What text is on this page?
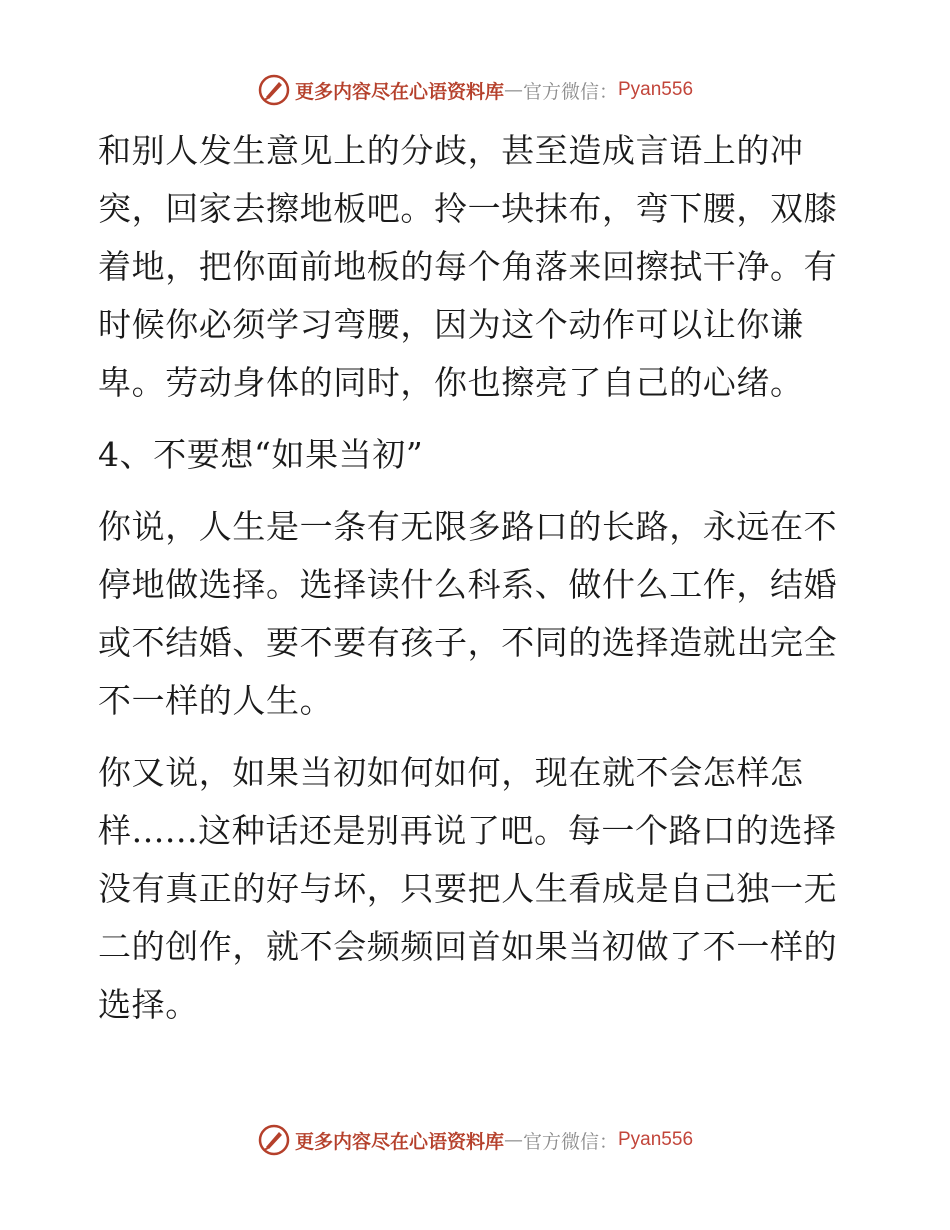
更多内容尽在心语资料库 — 官方微信： Pyan556

和别人发生意见上的分歧，甚至造成言语上的冲突，回家去擦地板吧。拎一块抹布，弯下腰，双膝着地，把你面前地板的每个角落来回擦拭干净。有时候你必须学习弯腰，因为这个动作可以让你谦卑。劳动身体的同时，你也擦亮了自己的心绪。

4、不要想“如果当初”

你说，人生是一条有无限多路口的长路，永远在不停地做选择。选择读什么科系、做什么工作，结婚或不结婚、要不要有孩子，不同的选择造就出完全不一样的人生。

你又说，如果当初如何如何，现在就不会怎样怎样......这种话还是别再说了吧。每一个路口的选择没有真正的好与坏，只要把人生看成是自己独一无二的创作，就不会频频回首如果当初做了不一样的选择。

更多内容尽在心语资料库 — 官方微信： Pyan556
